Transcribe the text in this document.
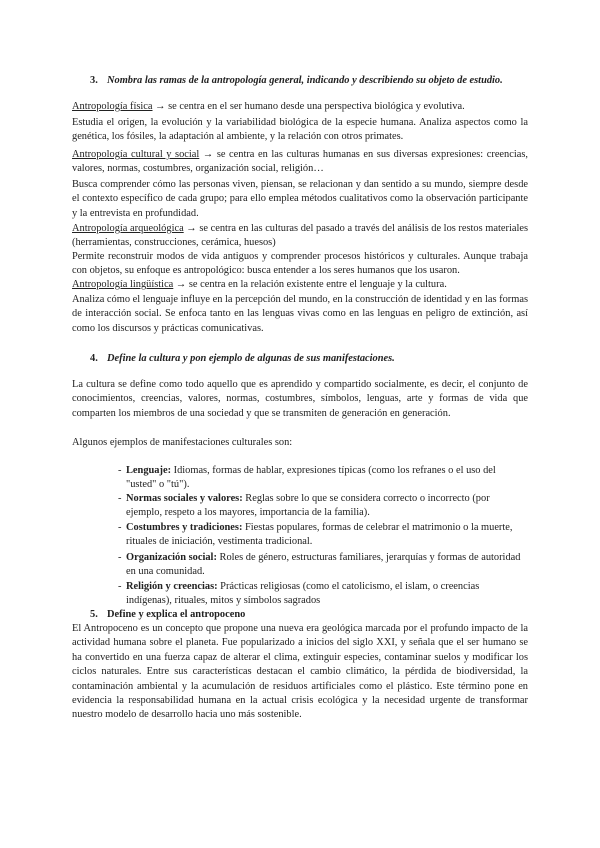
3. Nombra las ramas de la antropología general, indicando y describiendo su objeto de estudio.

Antropología física → se centra en el ser humano desde una perspectiva biológica y evolutiva.

Estudia el origen, la evolución y la variabilidad biológica de la especie humana. Analiza aspectos como la genética, los fósiles, la adaptación al ambiente, y la relación con otros primates.

Antropología cultural y social → se centra en las culturas humanas en sus diversas expresiones: creencias, valores, normas, costumbres, organización social, religión…

Busca comprender cómo las personas viven, piensan, se relacionan y dan sentido a su mundo, siempre desde el contexto específico de cada grupo; para ello emplea métodos cualitativos como la observación participante y la entrevista en profundidad.

Antropología arqueológica → se centra en las culturas del pasado a través del análisis de los restos materiales (herramientas, construcciones, cerámica, huesos)

Permite reconstruir modos de vida antiguos y comprender procesos históricos y culturales. Aunque trabaja con objetos, su enfoque es antropológico: busca entender a los seres humanos que los usaron.

Antropología lingüística → se centra en la relación existente entre el lenguaje y la cultura.

Analiza cómo el lenguaje influye en la percepción del mundo, en la construcción de identidad y en las formas de interacción social. Se enfoca tanto en las lenguas vivas como en las lenguas en peligro de extinción, así como los discursos y prácticas comunicativas.

4. Define la cultura y pon ejemplo de algunas de sus manifestaciones.

La cultura se define como todo aquello que es aprendido y compartido socialmente, es decir, el conjunto de conocimientos, creencias, valores, normas, costumbres, símbolos, lenguas, arte y formas de vida que comparten los miembros de una sociedad y que se transmiten de generación en generación.

Algunos ejemplos de manifestaciones culturales son:

- Lenguaje: Idiomas, formas de hablar, expresiones típicas (como los refranes o el uso del "usted" o "tú").

- Normas sociales y valores: Reglas sobre lo que se considera correcto o incorrecto (por ejemplo, respeto a los mayores, importancia de la familia).

- Costumbres y tradiciones: Fiestas populares, formas de celebrar el matrimonio o la muerte, rituales de iniciación, vestimenta tradicional.

- Organización social: Roles de género, estructuras familiares, jerarquías y formas de autoridad en una comunidad.

- Religión y creencias: Prácticas religiosas (como el catolicismo, el islam, o creencias indígenas), rituales, mitos y símbolos sagrados

5. Define y explica el antropoceno

El Antropoceno es un concepto que propone una nueva era geológica marcada por el profundo impacto de la actividad humana sobre el planeta. Fue popularizado a inicios del siglo XXI, y señala que el ser humano se ha convertido en una fuerza capaz de alterar el clima, extinguir especies, contaminar suelos y modificar los ciclos naturales. Entre sus características destacan el cambio climático, la pérdida de biodiversidad, la contaminación ambiental y la acumulación de residuos artificiales como el plástico. Este término pone en evidencia la responsabilidad humana en la actual crisis ecológica y la necesidad urgente de transformar nuestro modelo de desarrollo hacia uno más sostenible.
